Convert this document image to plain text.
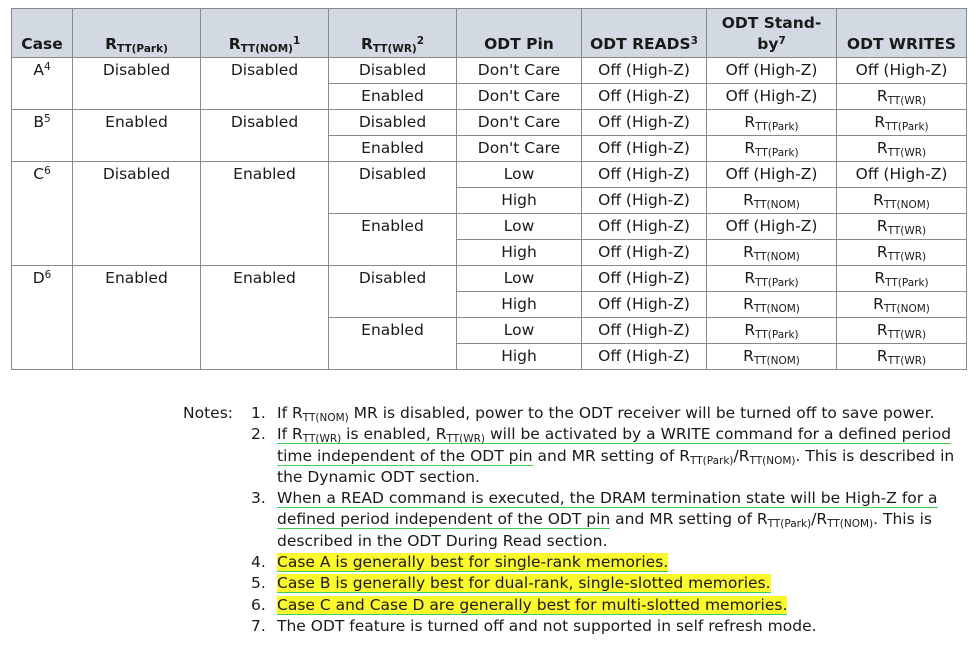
Case	$R_{TT(Park)}$	$R_{TT(NOM)}^1$	$R_{TT(WR)}^2$	ODT Pin	ODT READS$^3$	ODT Stand-$by^7$	ODT WRITES
$A^4$	Disabled	Disabled	Disabled	Don't Care	Off (High-Z)	Off (High-Z)	Off (High-Z)
			Enabled	Don't Care	Off (High-Z)	Off (High-Z)	$R_{TT(WR)}$
$B^5$	Enabled	Disabled	Disabled	Don't Care	Off (High-Z)	$R_{TT(Park)}$	$R_{TT(Park)}$
			Enabled	Don't Care	Off (High-Z)	$R_{TT(Park)}$	$R_{TT(WR)}$
$C^6$	Disabled	Enabled	Disabled	Low	Off (High-Z)	Off (High-Z)	Off (High-Z)
				High	Off (High-Z)	$R_{TT(NOM)}$	$R_{TT(NOM)}$
			Enabled	Low	Off (High-Z)	Off (High-Z)	$R_{TT(WR)}$
				High	Off (High-Z)	$R_{TT(NOM)}$	$R_{TT(WR)}$
$D^6$	Enabled	Enabled	Disabled	Low	Off (High-Z)	$R_{TT(Park)}$	$R_{TT(Park)}$
				High	Off (High-Z)	$R_{TT(NOM)}$	$R_{TT(NOM)}$
			Enabled	Low	Off (High-Z)	$R_{TT(Park)}$	$R_{TT(WR)}$
				High	Off (High-Z)	$R_{TT(NOM)}$	$R_{TT(WR)}$
Notes: 1. If $R_{TT(NOM)}$ MR is disabled, power to the ODT receiver will be turned off to save power.
2. If $R_{TT(WR)}$ is enabled, $R_{TT(WR)}$ will be activated by a WRITE command for a defined period time independent of the ODT pin and MR setting of $R_{TT(Park)}/R_{TT(NOM)}$. This is described in the Dynamic ODT section.
3. When a READ command is executed, the DRAM termination state will be High-Z for a defined period independent of the ODT pin and MR setting of $R_{TT(Park)}/R_{TT(NOM)}$. This is described in the ODT During Read section.
4. Case A is generally best for single-rank memories.
5. Case B is generally best for dual-rank, single-slotted memories.
6. Case C and Case D are generally best for multi-slotted memories.
7. The ODT feature is turned off and not supported in self refresh mode.
